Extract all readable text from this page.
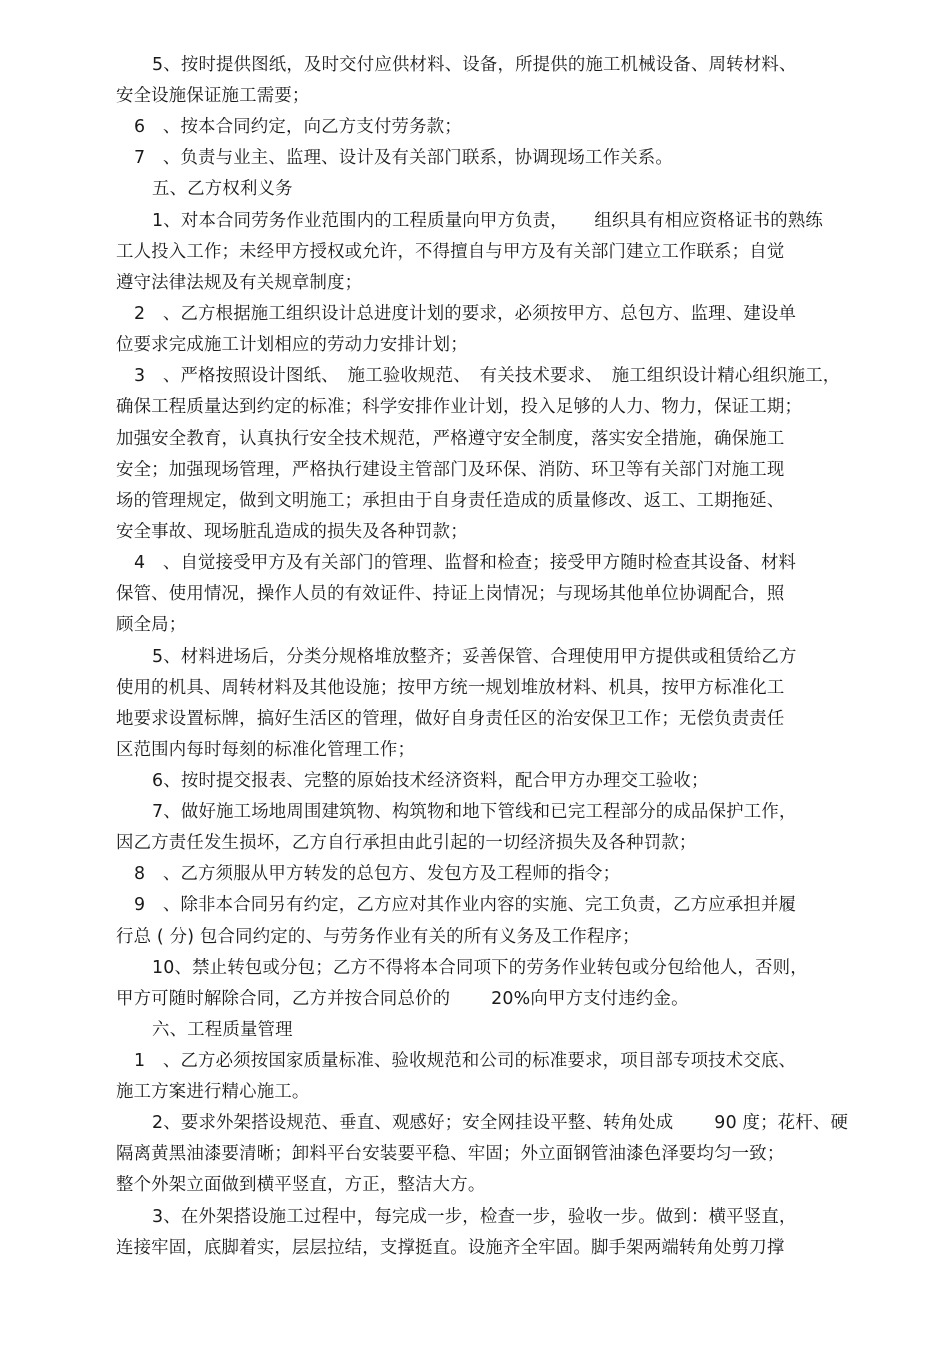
5、按时提供图纸，及时交付应供材料、设备，所提供的施工机械设备、周转材料、
安全设施保证施工需要；
6　、按本合同约定，向乙方支付劳务款；
7　、负责与业主、监理、设计及有关部门联系，协调现场工作关系。
五、乙方权利义务
1、对本合同劳务作业范围内的工程质量向甲方负责，　　组织具有相应资格证书的熟练
工人投入工作；未经甲方授权或允许，不得擅自与甲方及有关部门建立工作联系；自觉
遵守法律法规及有关规章制度；
2　、乙方根据施工组织设计总进度计划的要求，必须按甲方、总包方、监理、建设单
位要求完成施工计划相应的劳动力安排计划；
3　、严格按照设计图纸、　施工验收规范、　有关技术要求、　施工组织设计精心组织施工，
确保工程质量达到约定的标准；科学安排作业计划，投入足够的人力、物力，保证工期；
加强安全教育，认真执行安全技术规范，严格遵守安全制度，落实安全措施，确保施工
安全；加强现场管理，严格执行建设主管部门及环保、消防、环卫等有关部门对施工现
场的管理规定，做到文明施工；承担由于自身责任造成的质量修改、返工、工期拖延、
安全事故、现场脏乱造成的损失及各种罚款；
4　、自觉接受甲方及有关部门的管理、监督和检查；接受甲方随时检查其设备、材料
保管、使用情况，操作人员的有效证件、持证上岗情况；与现场其他单位协调配合，照
顾全局；
5、材料进场后，分类分规格堆放整齐；妥善保管、合理使用甲方提供或租赁给乙方
使用的机具、周转材料及其他设施；按甲方统一规划堆放材料、机具，按甲方标准化工
地要求设置标牌，搞好生活区的管理，做好自身责任区的治安保卫工作；无偿负责责任
区范围内每时每刻的标准化管理工作；
6、按时提交报表、完整的原始技术经济资料，配合甲方办理交工验收；
7、做好施工场地周围建筑物、构筑物和地下管线和已完工程部分的成品保护工作，
因乙方责任发生损坏，乙方自行承担由此引起的一切经济损失及各种罚款；
8　、乙方须服从甲方转发的总包方、发包方及工程师的指令；
9　、除非本合同另有约定，乙方应对其作业内容的实施、完工负责，乙方应承担并履
行总 ( 分) 包合同约定的、与劳务作业有关的所有义务及工作程序；
10、禁止转包或分包；乙方不得将本合同项下的劳务作业转包或分包给他人，否则，
甲方可随时解除合同，乙方并按合同总价的　　 20%向甲方支付违约金。
六、工程质量管理
1　、乙方必须按国家质量标准、验收规范和公司的标准要求，项目部专项技术交底、
施工方案进行精心施工。
2、要求外架搭设规范、垂直、观感好；安全网挂设平整、转角处成　　 90 度；花杆、硬
隔离黄黑油漆要清晰；卸料平台安装要平稳、牢固；外立面钢管油漆色泽要均匀一致；
整个外架立面做到横平竖直，方正，整洁大方。
3、在外架搭设施工过程中，每完成一步，检查一步，验收一步。做到：横平竖直，
连接牢固，底脚着实，层层拉结，支撑挺直。设施齐全牢固。脚手架两端转角处剪刀撑
